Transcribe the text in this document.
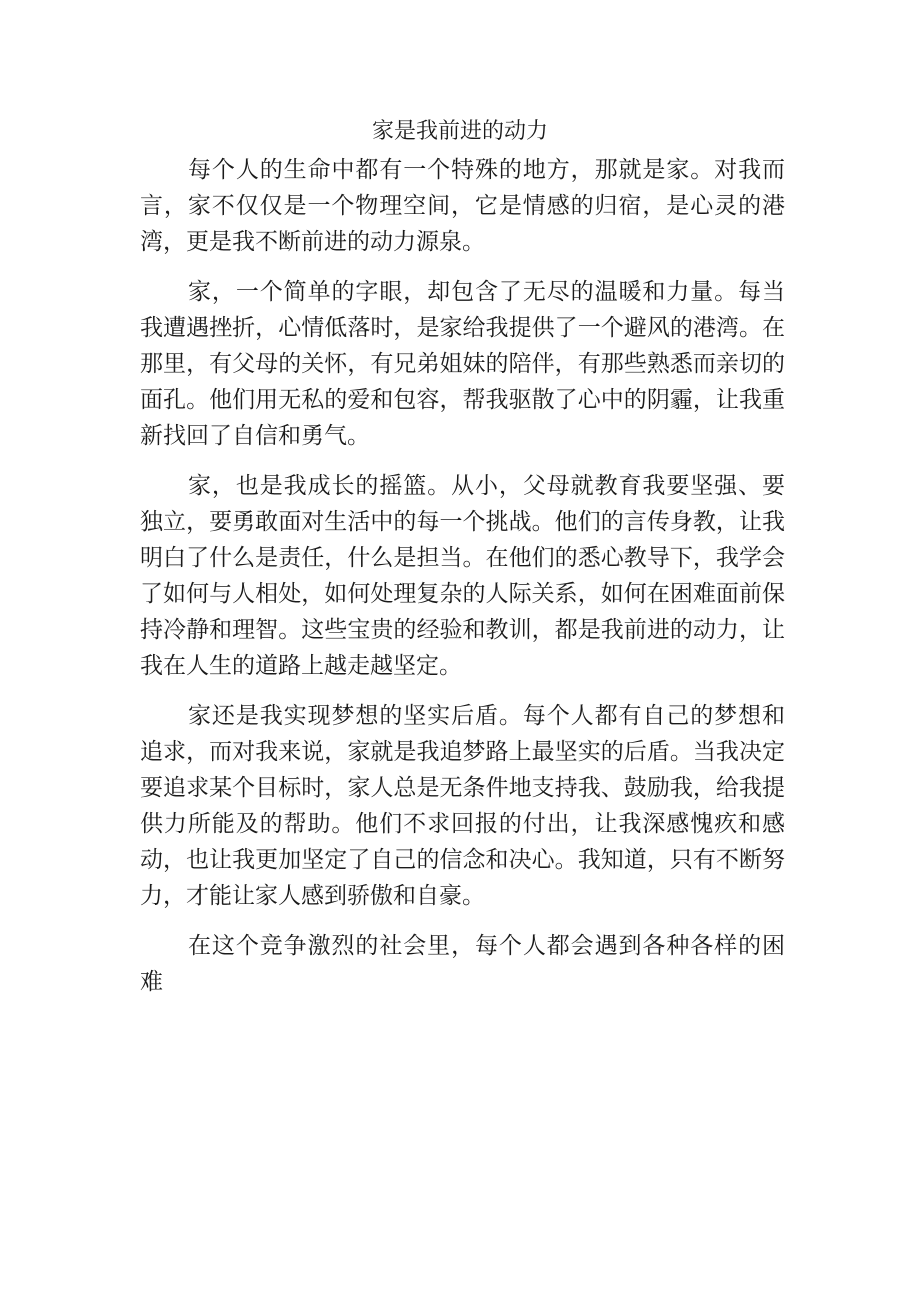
家是我前进的动力

每个人的生命中都有一个特殊的地方，那就是家。对我而言，家不仅仅是一个物理空间，它是情感的归宿，是心灵的港湾，更是我不断前进的动力源泉。

家，一个简单的字眼，却包含了无尽的温暖和力量。每当我遭遇挫折，心情低落时，是家给我提供了一个避风的港湾。在那里，有父母的关怀，有兄弟姐妹的陪伴，有那些熟悉而亲切的面孔。他们用无私的爱和包容，帮我驱散了心中的阴霾，让我重新找回了自信和勇气。

家，也是我成长的摇篮。从小，父母就教育我要坚强、要独立，要勇敢面对生活中的每一个挑战。他们的言传身教，让我明白了什么是责任，什么是担当。在他们的悉心教导下，我学会了如何与人相处，如何处理复杂的人际关系，如何在困难面前保持冷静和理智。这些宝贵的经验和教训，都是我前进的动力，让我在人生的道路上越走越坚定。

家还是我实现梦想的坚实后盾。每个人都有自己的梦想和追求，而对我来说，家就是我追梦路上最坚实的后盾。当我决定要追求某个目标时，家人总是无条件地支持我、鼓励我，给我提供力所能及的帮助。他们不求回报的付出，让我深感愧疚和感动，也让我更加坚定了自己的信念和决心。我知道，只有不断努力，才能让家人感到骄傲和自豪。

在这个竞争激烈的社会里，每个人都会遇到各种各样的困难
